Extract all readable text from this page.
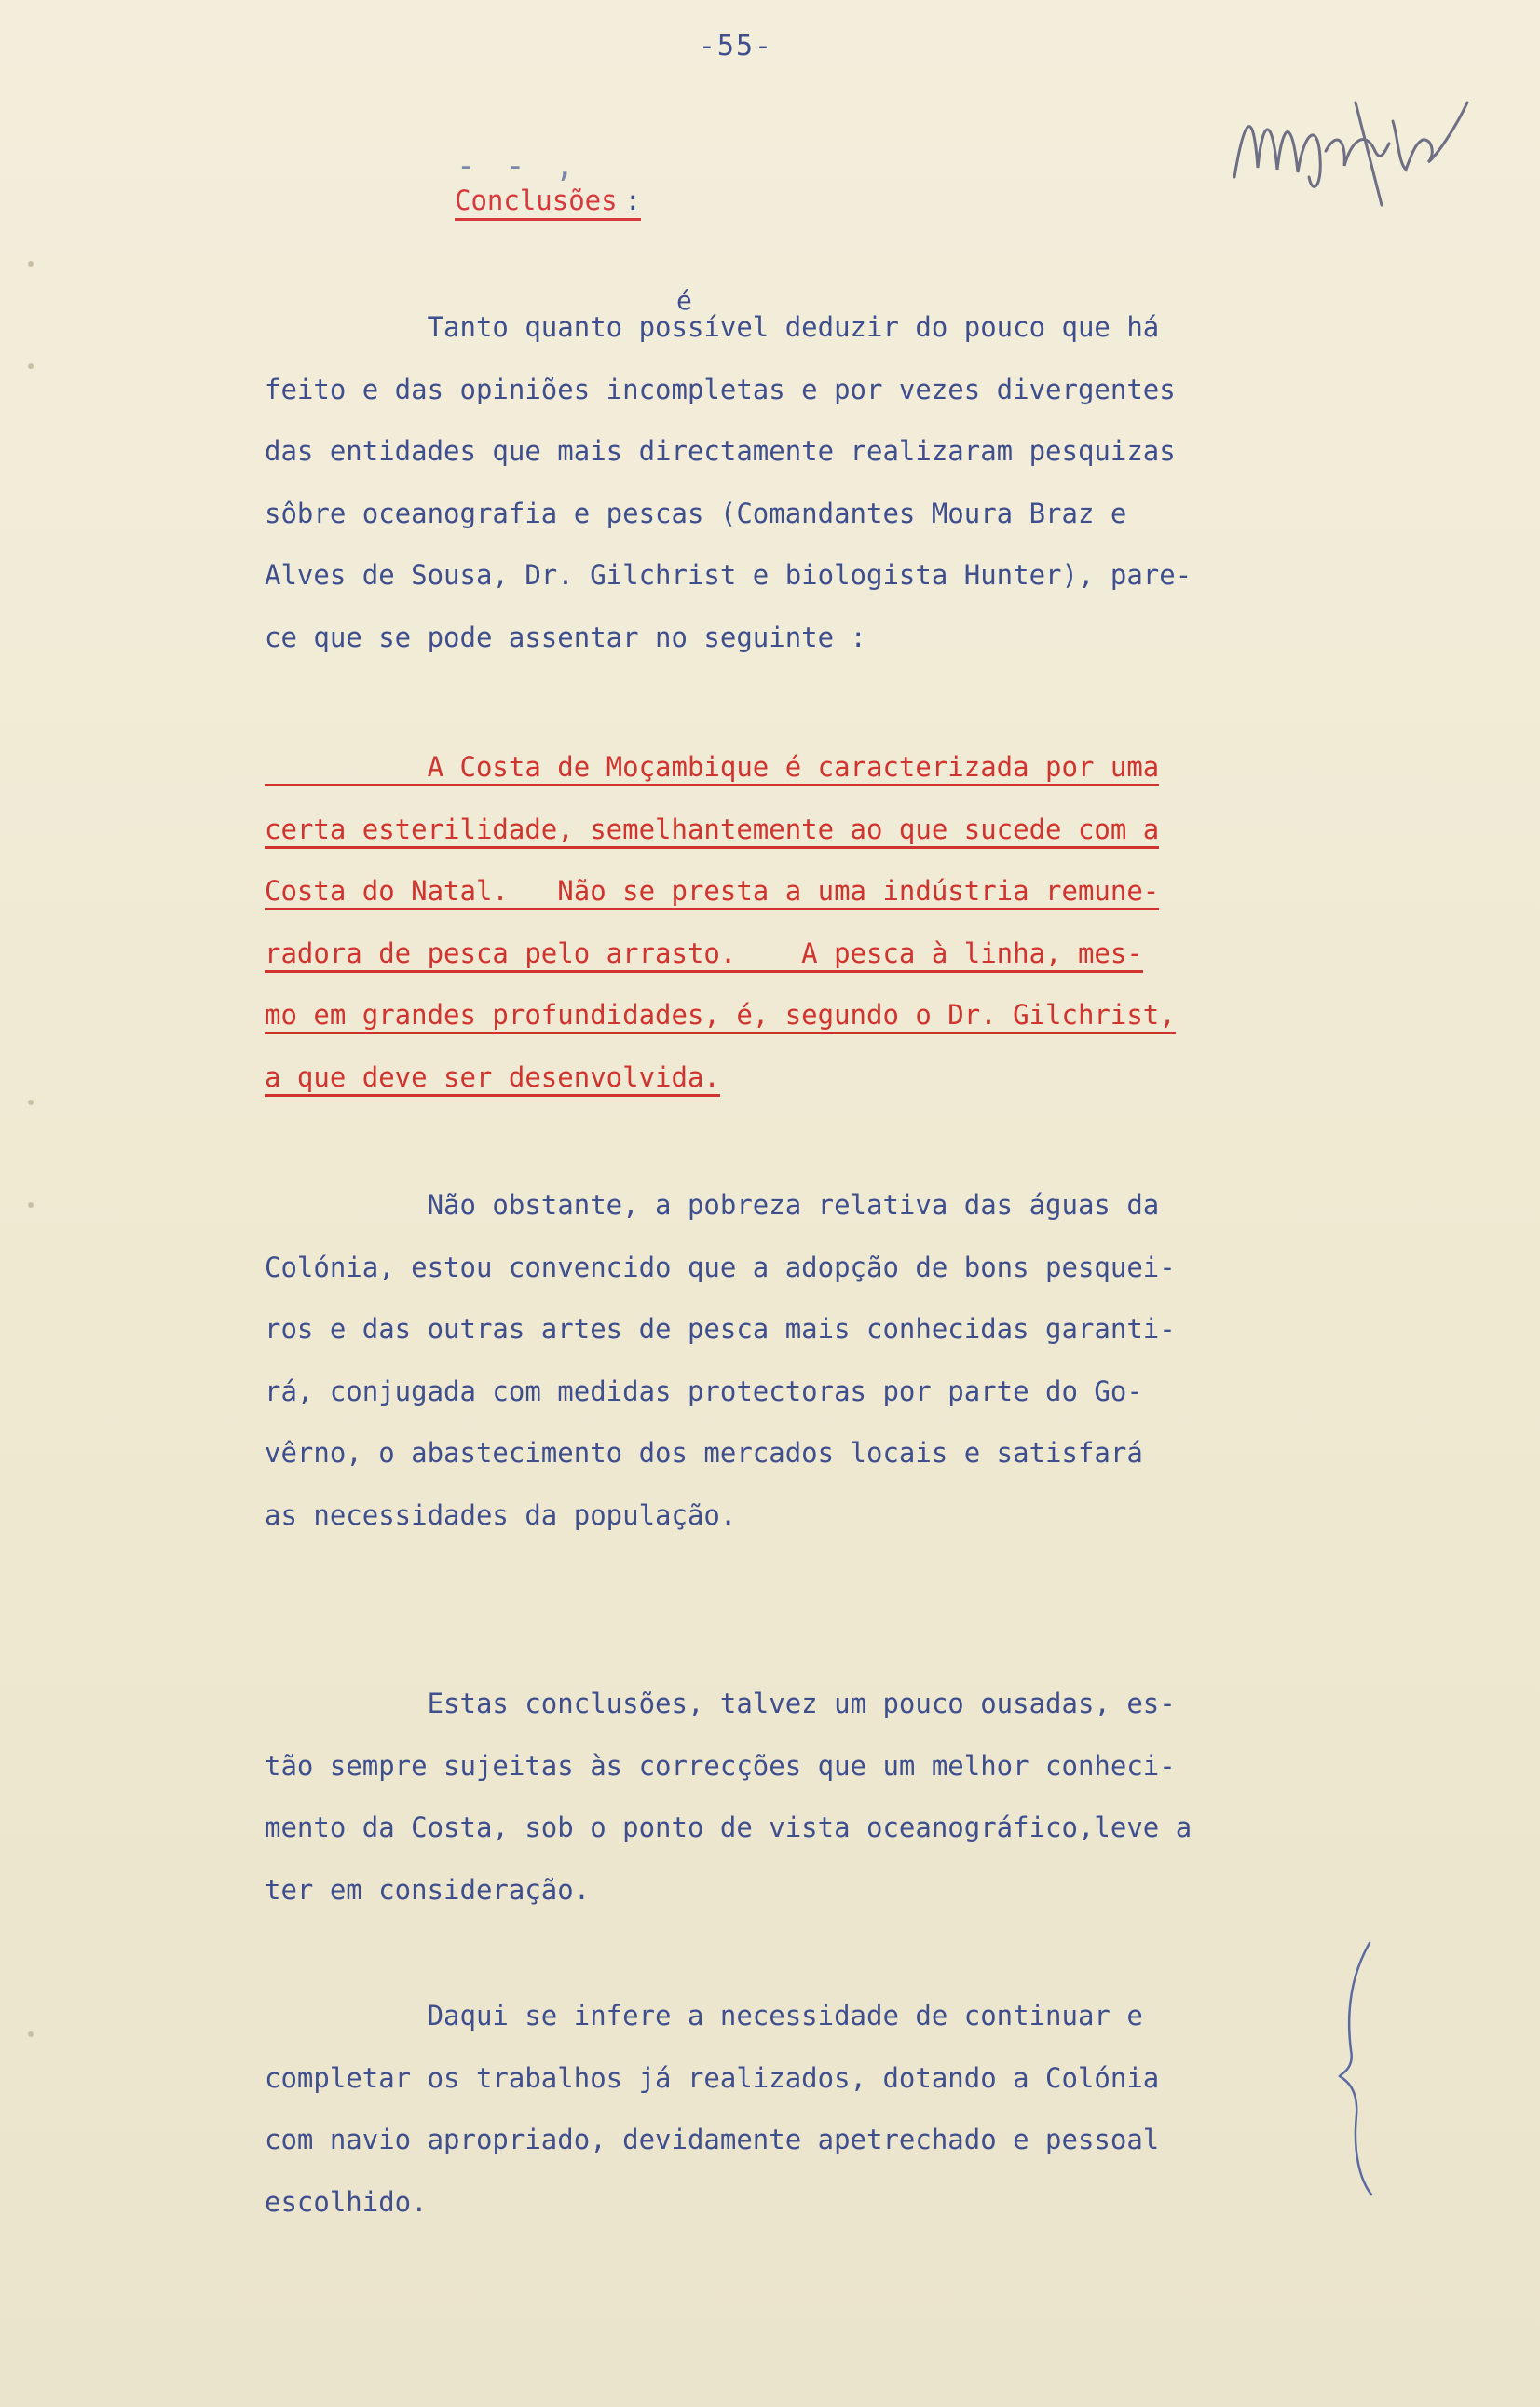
-55-
- - ,
Conclusões :
é
Tanto quanto possível deduzir do pouco que há
feito e das opiniões incompletas e por vezes divergentes
das entidades que mais directamente realizaram pesquizas
sôbre oceanografia e pescas (Comandantes Moura Braz e
Alves de Sousa, Dr. Gilchrist e biologista Hunter), pare-
ce que se pode assentar no seguinte :
A Costa de Moçambique é caracterizada por uma
certa esterilidade, semelhantemente ao que sucede com a
Costa do Natal.   Não se presta a uma indústria remune-
radora de pesca pelo arrasto.    A pesca à linha, mes-
mo em grandes profundidades, é, segundo o Dr. Gilchrist,
a que deve ser desenvolvida.
Não obstante, a pobreza relativa das águas da
Colónia, estou convencido que a adopção de bons pesquei-
ros e das outras artes de pesca mais conhecidas garanti-
rá, conjugada com medidas protectoras por parte do Go-
vêrno, o abastecimento dos mercados locais e satisfará
as necessidades da população.
Estas conclusões, talvez um pouco ousadas, es-
tão sempre sujeitas às correcções que um melhor conheci-
mento da Costa, sob o ponto de vista oceanográfico,leve a
ter em consideração.
Daqui se infere a necessidade de continuar e
completar os trabalhos já realizados, dotando a Colónia
com navio apropriado, devidamente apetrechado e pessoal
escolhido.
